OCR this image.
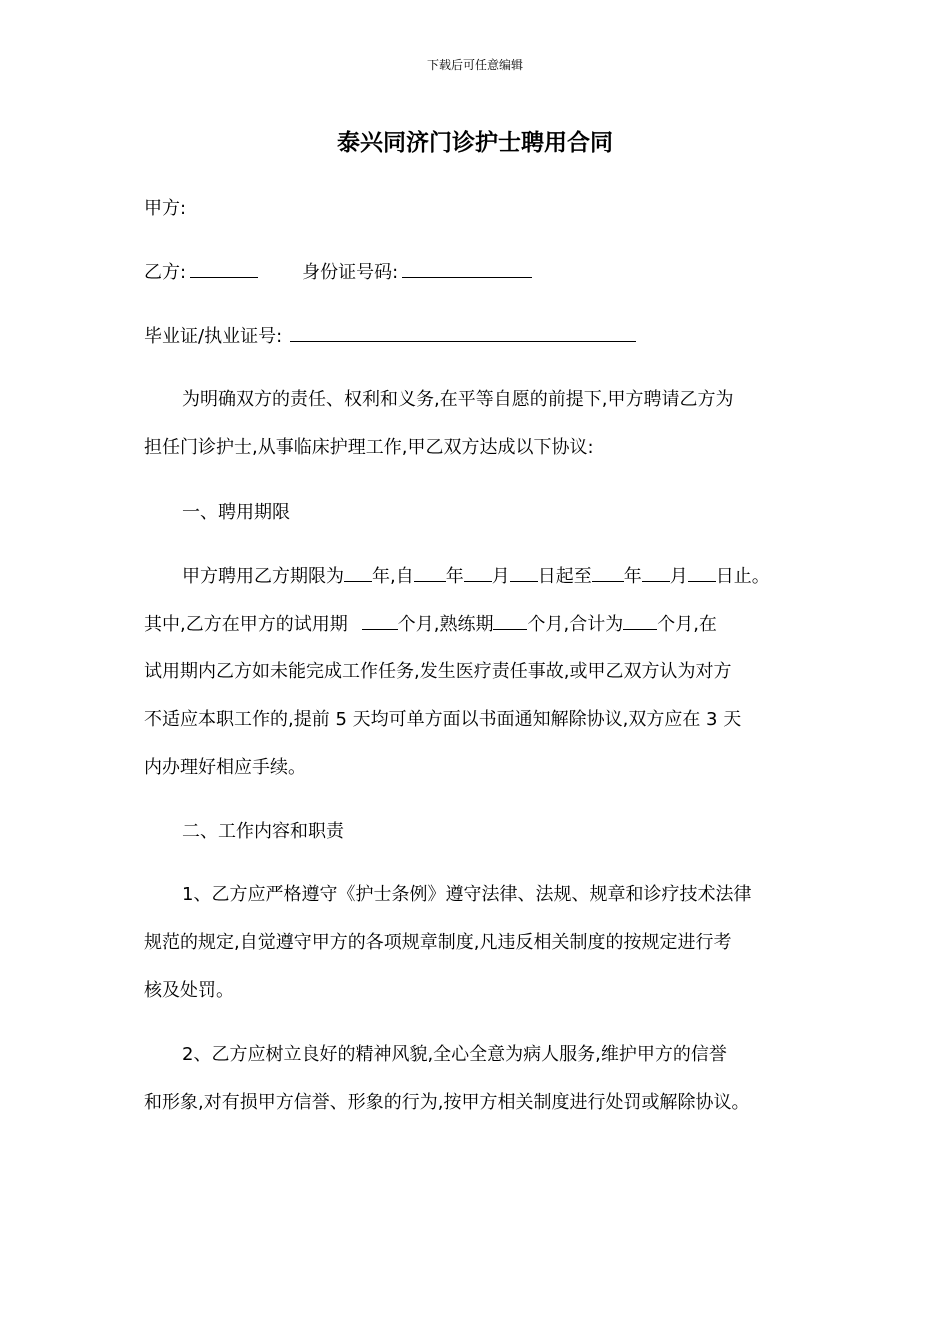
下载后可任意编辑
泰兴同济门诊护士聘用合同
甲方:
乙方:	身份证号码:
毕业证/执业证号:
为明确双方的责任、权利和义务,在平等自愿的前提下,甲方聘请乙方为
担任门诊护士,从事临床护理工作,甲乙双方达成以下协议:
一、聘用期限
甲方聘用乙方期限为 年,自 年 月 日起至 年 月 日止。
其中,乙方在甲方的试用期	个月,熟练期 个月,合计为 个月,在
试用期内乙方如未能完成工作任务,发生医疗责任事故,或甲乙双方认为对方
不适应本职工作的,提前 5 天均可单方面以书面通知解除协议,双方应在 3 天
内办理好相应手续。
二、工作内容和职责
1、乙方应严格遵守《护士条例》遵守法律、法规、规章和诊疗技术法律
规范的规定,自觉遵守甲方的各项规章制度,凡违反相关制度的按规定进行考
核及处罚。
2、乙方应树立良好的精神风貌,全心全意为病人服务,维护甲方的信誉
和形象,对有损甲方信誉、形象的行为,按甲方相关制度进行处罚或解除协议。
